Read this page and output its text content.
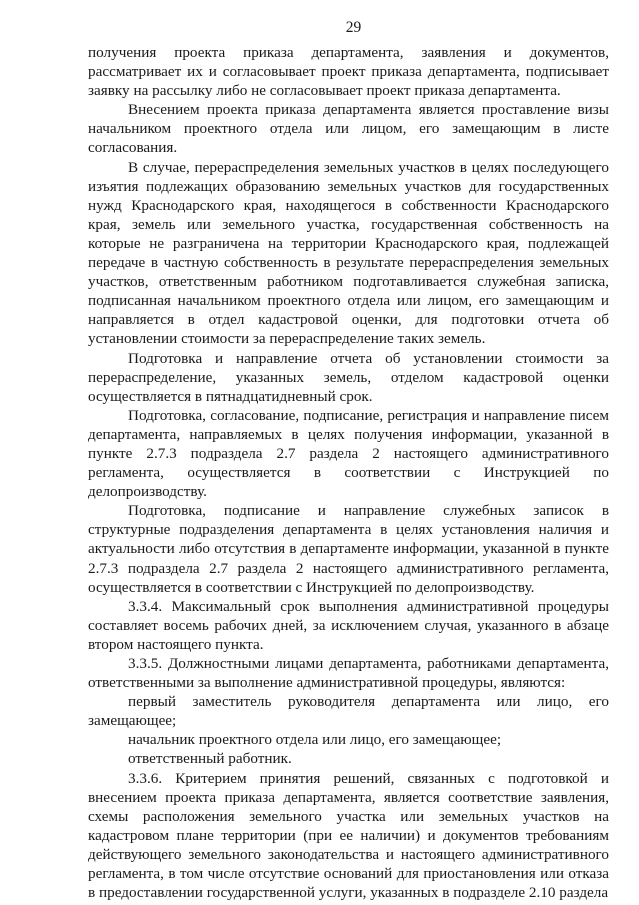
29

получения проекта приказа департамента, заявления и документов, рассматривает их и согласовывает проект приказа департамента, подписывает заявку на рассылку либо не согласовывает проект приказа департамента.

Внесением проекта приказа департамента является проставление визы начальником проектного отдела или лицом, его замещающим в листе согласования.

В случае, перераспределения земельных участков в целях последующего изъятия подлежащих образованию земельных участков для государственных нужд Краснодарского края, находящегося в собственности Краснодарского края, земель или земельного участка, государственная собственность на которые не разграничена на территории Краснодарского края, подлежащей передаче в частную собственность в результате перераспределения земельных участков, ответственным работником подготавливается служебная записка, подписанная начальником проектного отдела или лицом, его замещающим и направляется в отдел кадастровой оценки, для подготовки отчета об установлении стоимости за перераспределение таких земель.

Подготовка и направление отчета об установлении стоимости за перераспределение, указанных земель, отделом кадастровой оценки осуществляется в пятнадцатидневный срок.

Подготовка, согласование, подписание, регистрация и направление писем департамента, направляемых в целях получения информации, указанной в пункте 2.7.3 подраздела 2.7 раздела 2 настоящего административного регламента, осуществляется в соответствии с Инструкцией по делопроизводству.

Подготовка, подписание и направление служебных записок в структурные подразделения департамента в целях установления наличия и актуальности либо отсутствия в департаменте информации, указанной в пункте 2.7.3 подраздела 2.7 раздела 2 настоящего административного регламента, осуществляется в соответствии с Инструкцией по делопроизводству.

3.3.4. Максимальный срок выполнения административной процедуры составляет восемь рабочих дней, за исключением случая, указанного в абзаце втором настоящего пункта.

3.3.5. Должностными лицами департамента, работниками департамента, ответственными за выполнение административной процедуры, являются:

первый заместитель руководителя департамента или лицо, его замещающее;

начальник проектного отдела или лицо, его замещающее;

ответственный работник.

3.3.6. Критерием принятия решений, связанных с подготовкой и внесением проекта приказа департамента, является соответствие заявления, схемы расположения земельного участка или земельных участков на кадастровом плане территории (при ее наличии) и документов требованиям действующего земельного законодательства и настоящего административного регламента, в том числе отсутствие оснований для приостановления или отказа в предоставлении государственной услуги, указанных в подразделе 2.10 раздела
